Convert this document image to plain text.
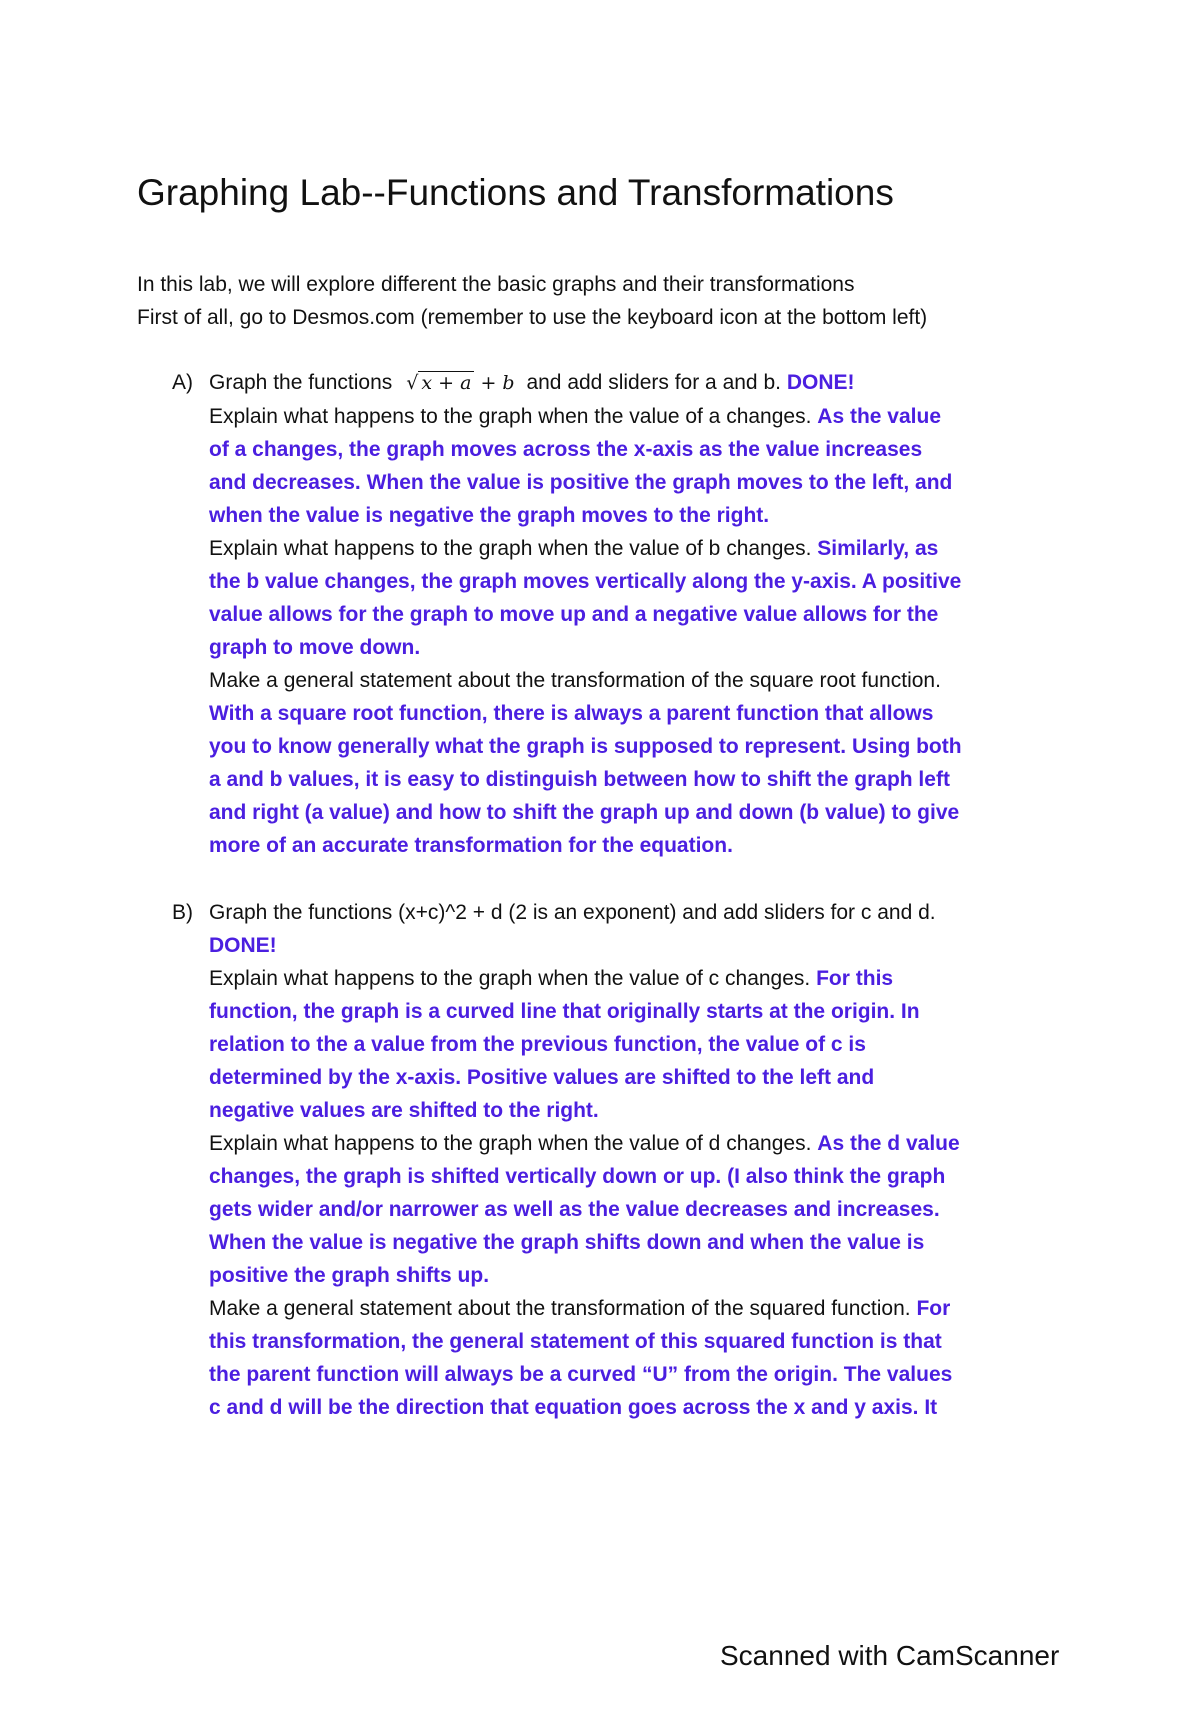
Graphing Lab--Functions and Transformations
In this lab, we will explore different the basic graphs and their transformations
First of all, go to Desmos.com (remember to use the keyboard icon at the bottom left)
A) Graph the functions √ x + a + b and add sliders for a and b. DONE!
Explain what happens to the graph when the value of a changes. As the value
of a changes, the graph moves across the x-axis as the value increases
and decreases. When the value is positive the graph moves to the left, and
when the value is negative the graph moves to the right.
Explain what happens to the graph when the value of b changes. Similarly, as
the b value changes, the graph moves vertically along the y-axis. A positive
value allows for the graph to move up and a negative value allows for the
graph to move down.
Make a general statement about the transformation of the square root function.
With a square root function, there is always a parent function that allows
you to know generally what the graph is supposed to represent. Using both
a and b values, it is easy to distinguish between how to shift the graph left
and right (a value) and how to shift the graph up and down (b value) to give
more of an accurate transformation for the equation.
B) Graph the functions (x+c)^2 + d (2 is an exponent) and add sliders for c and d.
DONE!
Explain what happens to the graph when the value of c changes. For this
function, the graph is a curved line that originally starts at the origin. In
relation to the a value from the previous function, the value of c is
determined by the x-axis. Positive values are shifted to the left and
negative values are shifted to the right.
Explain what happens to the graph when the value of d changes. As the d value
changes, the graph is shifted vertically down or up. (I also think the graph
gets wider and/or narrower as well as the value decreases and increases.
When the value is negative the graph shifts down and when the value is
positive the graph shifts up.
Make a general statement about the transformation of the squared function. For
this transformation, the general statement of this squared function is that
the parent function will always be a curved “U” from the origin. The values
c and d will be the direction that equation goes across the x and y axis. It
Scanned with CamScanner
